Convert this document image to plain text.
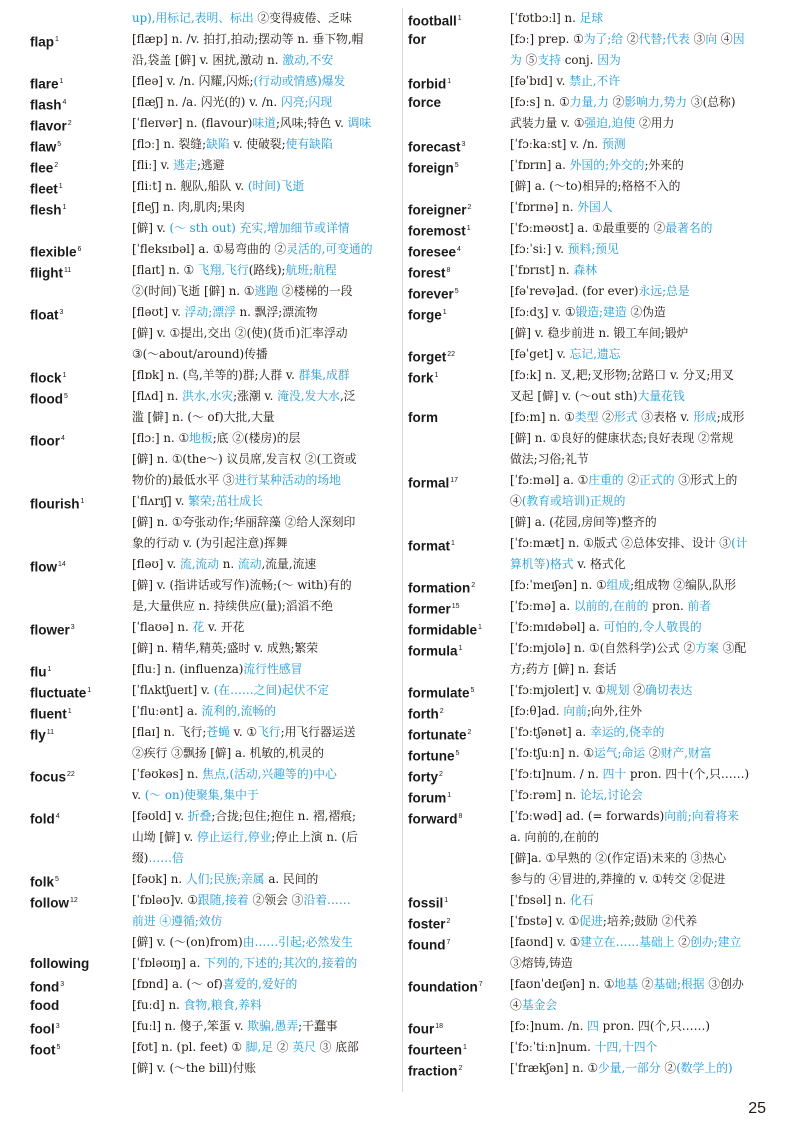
up),用标记,表明、标出 ②变得疲倦、乏味
flap$^1$	[flæp] n. /v. 拍打,拍动;摆动等 n. 垂下物,帽
沿,袋盖 [僻] v. 困扰,激动 n. 激动,不安
flare$^1$	[fleə] v. /n. 闪耀,闪烁;(行动或情感)爆发
flash$^4$	[flæʃ] n. /a. 闪光(的) v. /n. 闪亮;闪现
flavor$^2$	[ˈfleɪvər] n. (flavour)味道;风味;特色 v. 调味
flaw$^5$	[flɔː] n. 裂缝;缺陷 v. 使破裂;使有缺陷
flee$^2$	[fliː] v. 逃走;逃避
fleet$^1$	[fliːt] n. 舰队,船队 v. (时间)飞逝
flesh$^1$	[fleʃ] n. 肉,肌肉;果肉
[僻] v. (～ sth out) 充实,增加细节或详情
flexible$^6$	[ˈfleksɪbəl] a. ①易弯曲的 ②灵活的,可变通的
flight$^{11}$	[flaɪt] n. ① 飞翔,飞行(路线);航班;航程
②(时间)飞逝 [僻] n. ①逃跑 ②楼梯的一段
float$^3$	[fləʊt] v. 浮动;漂浮 n. 飘浮;漂流物
[僻] v. ①提出,交出 ②(使)(货币)汇率浮动
③(～about/around)传播
flock$^1$	[flɒk] n. (鸟,羊等的)群;人群 v. 群集,成群
flood$^5$	[flʌd] n. 洪水,水灾;涨潮 v. 淹没,发大水,泛
滥 [僻] n. (～ of)大批,大量
floor$^4$	[flɔː] n. ①地板;底 ②(楼房)的层
[僻] n. ①(the～) 议员席,发言权 ②(工资或
物价的)最低水平 ③进行某种活动的场地
flourish$^1$	[ˈflʌrɪʃ] v. 繁荣;茁壮成长
[僻] n. ①夸张动作;华丽辞藻 ②给人深刻印
象的行动 v. (为引起注意)挥舞
flow$^{14}$	[fləʊ] v. 流,流动 n. 流动,流量,流速
[僻] v. (指讲话或写作)流畅;(～ with)有的
是,大量供应 n. 持续供应(量);滔滔不绝
flower$^3$	[ˈflaʊə] n. 花 v. 开花
[僻] n. 精华,精英;盛时 v. 成熟;繁荣
flu$^1$	[fluː] n. (influenza)流行性感冒
fluctuate$^1$	[ˈflʌktʃueɪt] v. (在……之间)起伏不定
fluent$^1$	[ˈfluːənt] a. 流利的,流畅的
fly$^{11}$	[flaɪ] n. 飞行;苍蝇 v. ①飞行;用飞行器运送
②疾行 ③飘扬 [僻] a. 机敏的,机灵的
focus$^{22}$	[ˈfəʊkəs] n. 焦点,(活动,兴趣等的)中心
v. (～ on)使聚集,集中于
fold$^4$	[fəʊld] v. 折叠;合拢;包住;抱住 n. 褶,褶痕;
山坳 [僻] v. 停止运行,停业;停止上演 n. (后
缀)……倍
folk$^5$	[fəʊk] n. 人们;民族;亲属 a. 民间的
follow$^{12}$	[ˈfɒləʊ]v. ①跟随,接着 ②领会 ③沿着……
前进 ④遵循;效仿
[僻] v. (～(on)from)由……引起;必然发生
following	[ˈfɒləʊɪŋ] a. 下列的,下述的;其次的,接着的
fond$^3$	[fɒnd] a. (～ of)喜爱的,爱好的
food	[fuːd] n. 食物,粮食,养料
fool$^3$	[fuːl] n. 傻子,笨蛋 v. 欺骗,愚弄;干蠢事
foot$^5$	[fʊt] n. (pl. feet) ① 脚,足 ② 英尺 ③ 底部
[僻] v. (～the bill)付账
football$^1$	[ˈfʊtbɔːl] n. 足球
for	[fɔː] prep. ①为了;给 ②代替;代表 ③向 ④因
为 ⑤支持 conj. 因为
forbid$^1$	[fəˈbɪd] v. 禁止,不许
force	[fɔːs] n. ①力量,力 ②影响力,势力 ③(总称)
武装力量 v. ①强迫,迫使 ②用力
forecast$^3$	[ˈfɔːkaːst] v. /n. 预测
foreign$^5$	[ˈfɒrɪn] a. 外国的;外交的;外来的
[僻] a. (～to)相异的;格格不入的
foreigner$^2$	[ˈfɒrɪnə] n. 外国人
foremost$^1$	[ˈfɔːməʊst] a. ①最重要的 ②最著名的
foresee$^4$	[fɔːˈsiː] v. 预料;预见
forest$^8$	[ˈfɒrɪst] n. 森林
forever$^5$	[fəˈrevə]ad. (for ever)永远;总是
forge$^1$	[fɔːdʒ] v. ①锻造;建造 ②伪造
[僻] v. 稳步前进 n. 锻工车间;锻炉
forget$^{22}$	[fəˈget] v. 忘记,遗忘
fork$^1$	[fɔːk] n. 叉,耙;叉形物;岔路口 v. 分叉;用叉
叉起 [僻] v. (～out sth)大量花钱
form	[fɔːm] n. ①类型 ②形式 ③表格 v. 形成;成形
[僻] n. ①良好的健康状态;良好表现 ②常规
做法;习俗;礼节
formal$^{17}$	[ˈfɔːməl] a. ①庄重的 ②正式的 ③形式上的
④(教育或培训)正规的
[僻] a. (花园,房间等)整齐的
format$^1$	[ˈfɔːmæt] n. ①版式 ②总体安排、设计 ③(计
算机等)格式 v. 格式化
formation$^2$	[fɔːˈmeɪʃən] n. ①组成;组成物 ②编队,队形
former$^{15}$	[ˈfɔːmə] a. 以前的,在前的 pron. 前者
formidable$^1$	[ˈfɔːmɪdəbəl] a. 可怕的,令人敬畏的
formula$^1$	[ˈfɔːmjʊlə] n. ①(自然科学)公式 ②方案 ③配
方;药方 [僻] n. 套话
formulate$^5$	[ˈfɔːmjʊleɪt] v. ①规划 ②确切表达
forth$^2$	[fɔːθ]ad. 向前;向外,往外
fortunate$^2$	[ˈfɔːtʃənət] a. 幸运的,侥幸的
fortune$^5$	[ˈfɔːtʃuːn] n. ①运气;命运 ②财产,财富
forty$^2$	[ˈfɔːtɪ]num. / n. 四十 pron. 四十(个,只……)
forum$^1$	[ˈfɔːrəm] n. 论坛,讨论会
forward$^8$	[ˈfɔːwəd] ad. (= forwards)向前;向着将来
a. 向前的,在前的
[僻]a. ①早熟的 ②(作定语)未来的 ③热心
参与的 ④冒进的,莽撞的 v. ①转交 ②促进
fossil$^1$	[ˈfɒsəl] n. 化石
foster$^2$	[ˈfɒstə] v. ①促进;培养;鼓励 ②代养
found$^7$	[faʊnd] v. ①建立在……基础上 ②创办;建立
③熔铸,铸造
foundation$^7$	[faʊnˈdeɪʃən] n. ①地基 ②基础;根据 ③创办
④基金会
four$^{18}$	[fɔː]num. /n. 四 pron. 四(个,只……)
fourteen$^1$	[ˈfɔːˈtiːn]num. 十四,十四个
fraction$^2$	[ˈfrækʃən] n. ①少量,一部分 ②(数学上的)
25
